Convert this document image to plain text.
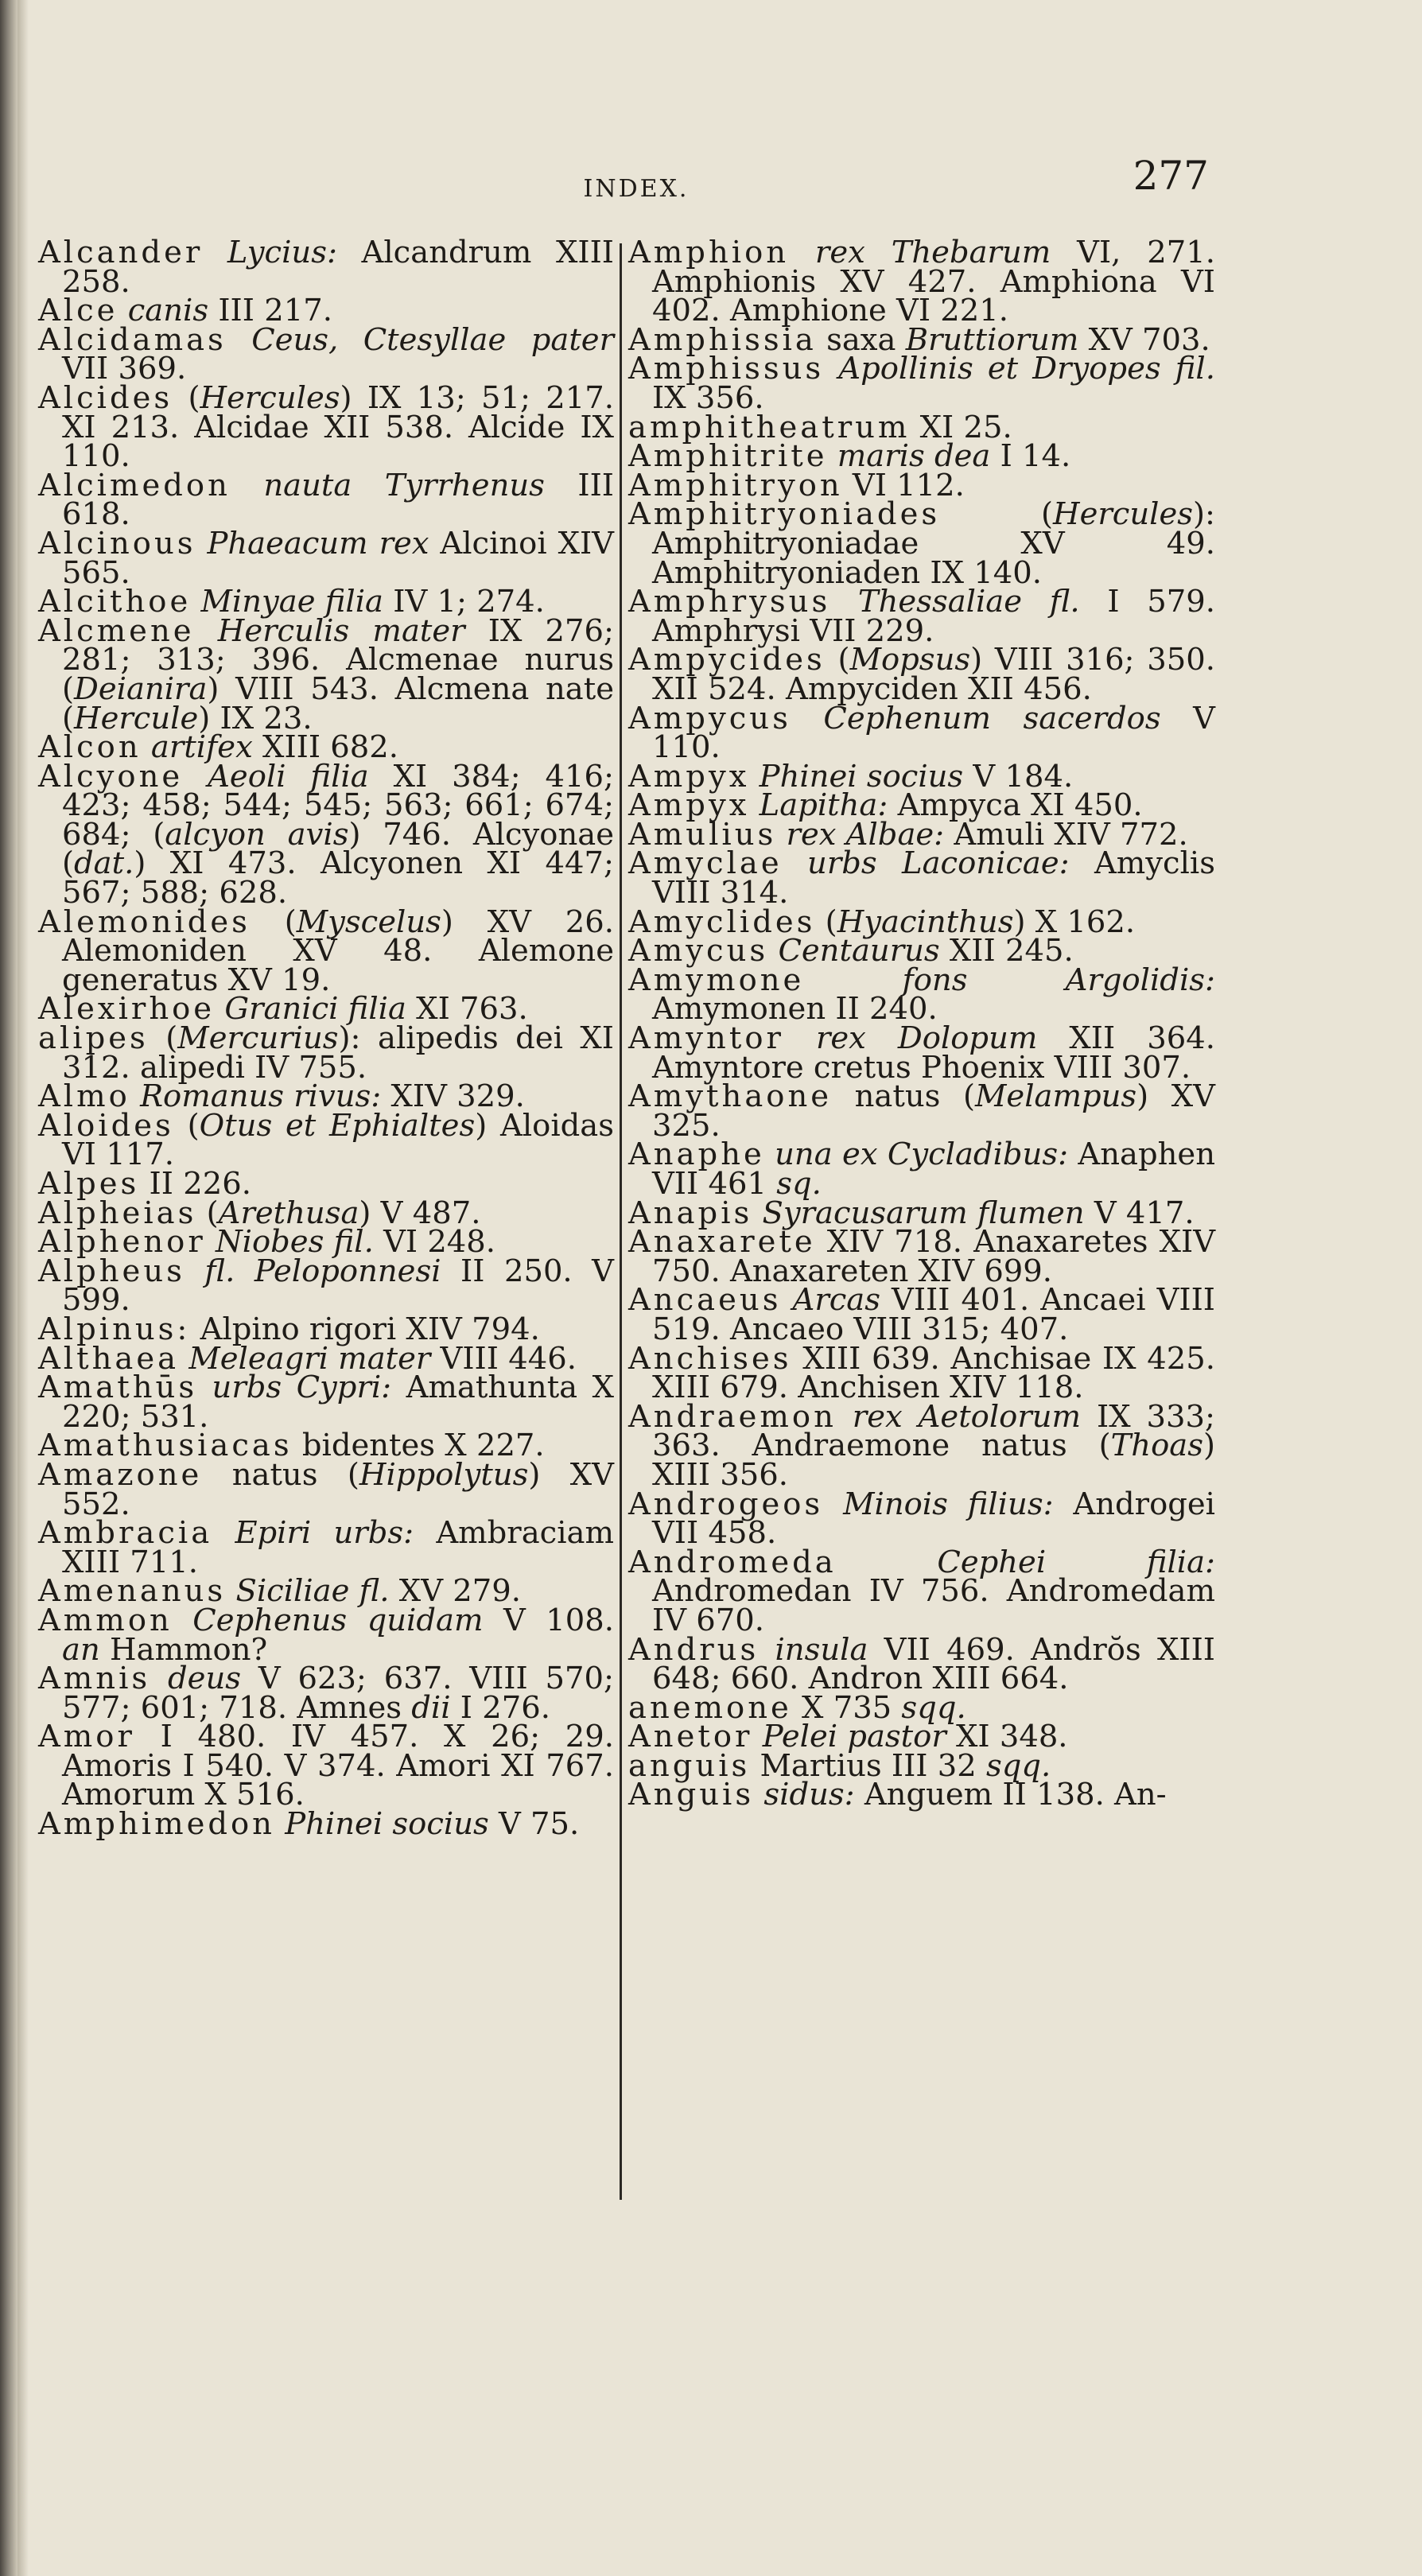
INDEX.	277
Alcander Lycius: Alcandrum XIII 258.
Alce canis III 217.
Alcidamas Ceus, Ctesyllae pater VII 369.
Alcides (Hercules) IX 13; 51; 217. XI 213. Alcidae XII 538. Alcide IX 110.
Alcimedon nauta Tyrrhenus III 618.
Alcinous Phaeacum rex Alcinoi XIV 565.
Alcithoe Minyae filia IV 1; 274.
Alcmene Herculis mater IX 276; 281; 313; 396. Alcmenae nurus (Deianira) VIII 543. Alcmena nate (Hercule) IX 23.
Alcon artifex XIII 682.
Alcyone Aeoli filia XI 384; 416; 423; 458; 544; 545; 563; 661; 674; 684; (alcyon avis) 746. Alcyonae (dat.) XI 473. Alcyonen XI 447; 567; 588; 628.
Alemonides (Myscelus) XV 26. Alemoniden XV 48. Alemone generatus XV 19.
Alexirhoe Granici filia XI 763.
alipes (Mercurius): alipedis dei XI 312. alipedi IV 755.
Almo Romanus rivus: XIV 329.
Aloides (Otus et Ephialtes) Aloidas VI 117.
Alpes II 226.
Alpheias (Arethusa) V 487.
Alphenor Niobes fil. VI 248.
Alpheus fl. Peloponnesi II 250. V 599.
Alpinus: Alpino rigori XIV 794.
Althaea Meleagri mater VIII 446.
Amathūs urbs Cypri: Amathunta X 220; 531.
Amathusiacas bidentes X 227.
Amazone natus (Hippolytus) XV 552.
Ambracia Epiri urbs: Ambraciam XIII 711.
Amenanus Siciliae fl. XV 279.
Ammon Cephenus quidam V 108. an Hammon?
Amnis deus V 623; 637. VIII 570; 577; 601; 718. Amnes dii I 276.
Amor I 480. IV 457. X 26; 29. Amoris I 540. V 374. Amori XI 767. Amorum X 516.
Amphimedon Phinei socius V 75.
Amphion rex Thebarum VI, 271. Amphionis XV 427. Amphiona VI 402. Amphione VI 221.
Amphissia saxa Bruttiorum XV 703.
Amphissus Apollinis et Dryopes fil. IX 356.
amphitheatrum XI 25.
Amphitrite maris dea I 14.
Amphitryon VI 112.
Amphitryoniades (Hercules): Amphitryoniadae XV 49. Amphitryoniaden IX 140.
Amphrysus Thessaliae fl. I 579. Amphrysi VII 229.
Ampycides (Mopsus) VIII 316; 350. XII 524. Ampyciden XII 456.
Ampycus Cephenum sacerdos V 110.
Ampyx Phinei socius V 184.
Ampyx Lapitha: Ampyca XI 450.
Amulius rex Albae: Amuli XIV 772.
Amyclae urbs Laconicae: Amyclis VIII 314.
Amyclides (Hyacinthus) X 162.
Amycus Centaurus XII 245.
Amymone	fons Argolidis: Amymonen II 240.
Amyntor rex Dolopum XII 364. Amyntore cretus Phoenix VIII 307.
Amythaone natus (Melampus) XV 325.
Anaphe una ex Cycladibus: Anaphen VII 461 sq.
Anapis Syracusarum flumen V 417.
Anaxarete XIV 718. Anaxaretes XIV 750. Anaxareten XIV 699.
Ancaeus Arcas VIII 401. Ancaei VIII 519. Ancaeo VIII 315; 407.
Anchises XIII 639. Anchisae IX 425. XIII 679. Anchisen XIV 118.
Andraemon rex Aetolorum IX 333; 363. Andraemone natus (Thoas) XIII 356.
Androgeos Minois filius: Androgei VII 458.
Andromeda	Cephei filia: Andromedan IV 756. Andromedam IV 670.
Andrus insula VII 469. Andrŏs XIII 648; 660. Andron XIII 664.
anemone X 735 sqq.
Anetor Pelei pastor XI 348.
anguis Martius III 32 sqq.
Anguis sidus: Anguem II 138. An-
